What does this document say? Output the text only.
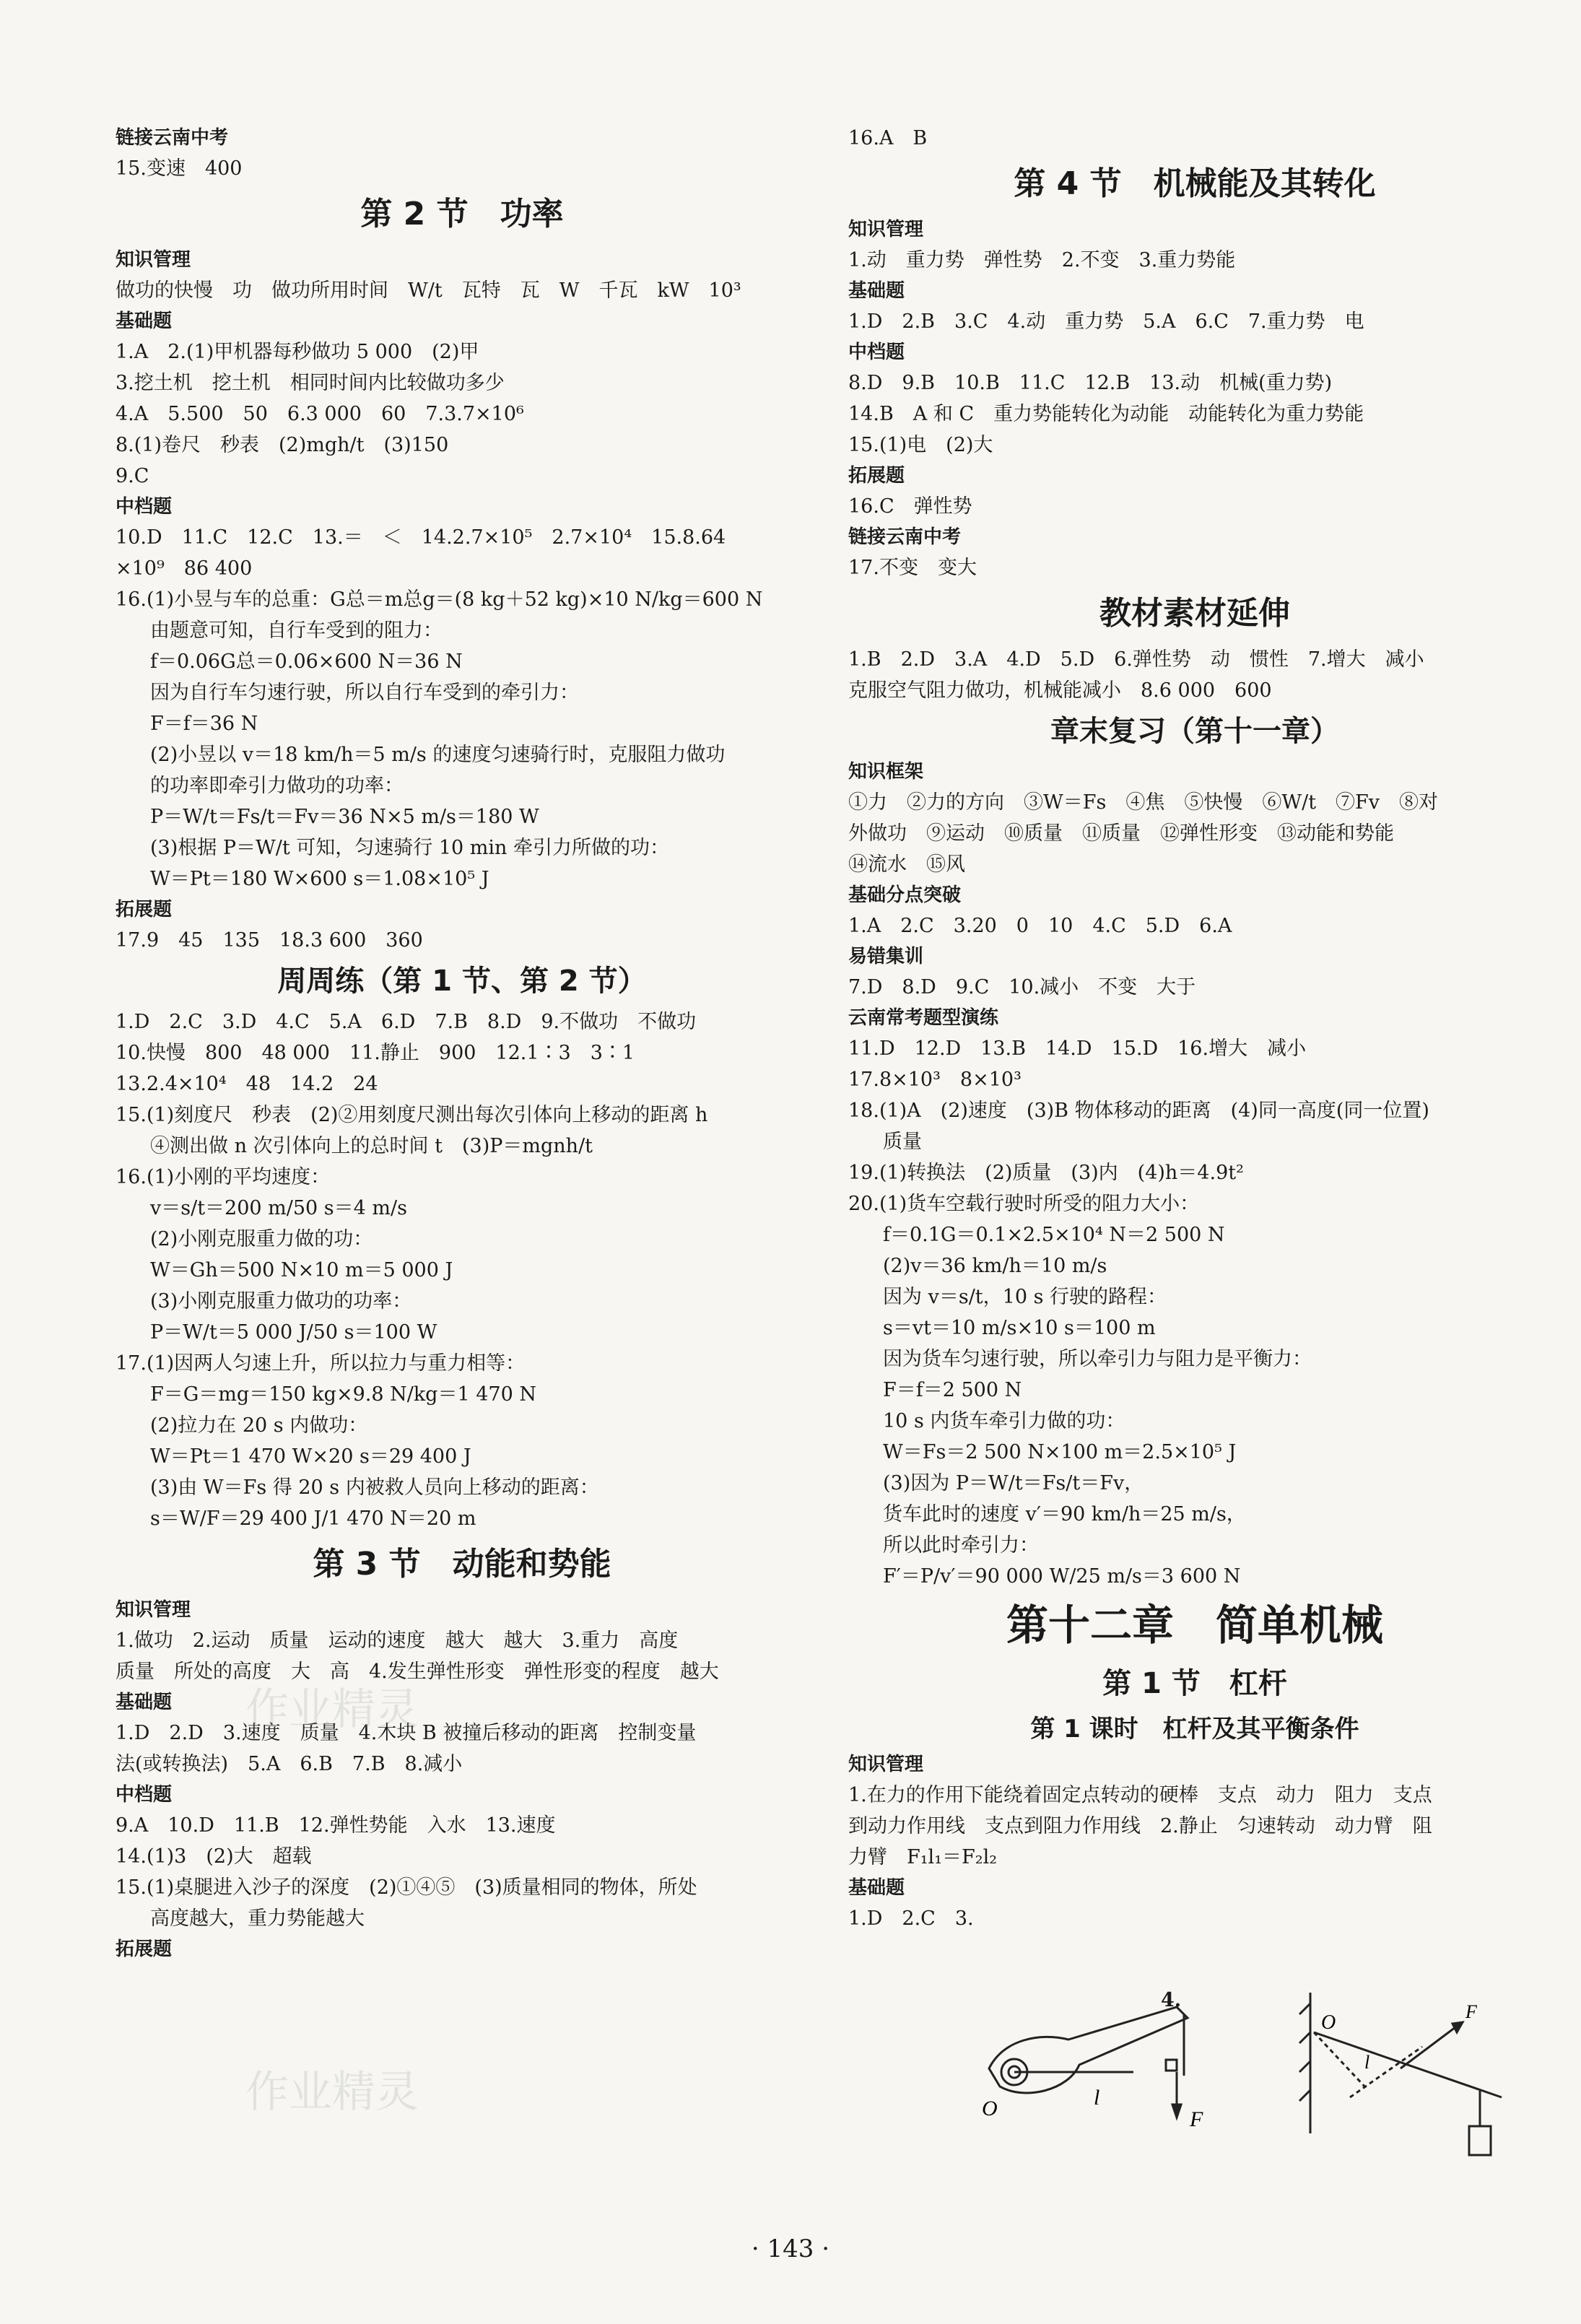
链接云南中考
15.变速　400
第 2 节　功率
知识管理
做功的快慢　功　做功所用时间　W/t　瓦特　瓦　W　千瓦　kW　10³
基础题
1.A　2.(1)甲机器每秒做功 5 000　(2)甲
3.挖土机　挖土机　相同时间内比较做功多少
4.A　5.500　50　6.3 000　60　7.3.7×10⁶
8.(1)卷尺　秒表　(2)mgh/t　(3)150
9.C
中档题
10.D　11.C　12.C　13.＝　＜　14.2.7×10⁵　2.7×10⁴　15.8.64
×10⁹　86 400
16.(1)小昱与车的总重：G总＝m总g＝(8 kg＋52 kg)×10 N/kg＝600 N
由题意可知，自行车受到的阻力：
f＝0.06G总＝0.06×600 N＝36 N
因为自行车匀速行驶，所以自行车受到的牵引力：
F＝f＝36 N
(2)小昱以 v＝18 km/h＝5 m/s 的速度匀速骑行时，克服阻力做功
的功率即牵引力做功的功率：
P＝W/t＝Fs/t＝Fv＝36 N×5 m/s＝180 W
(3)根据 P＝W/t 可知，匀速骑行 10 min 牵引力所做的功：
W＝Pt＝180 W×600 s＝1.08×10⁵ J
拓展题
17.9　45　135　18.3 600　360
周周练（第 1 节、第 2 节）
1.D　2.C　3.D　4.C　5.A　6.D　7.B　8.D　9.不做功　不做功
10.快慢　800　48 000　11.静止　900　12.1∶3　3∶1
13.2.4×10⁴　48　14.2　24
15.(1)刻度尺　秒表　(2)②用刻度尺测出每次引体向上移动的距离 h
④测出做 n 次引体向上的总时间 t　(3)P＝mgnh/t
16.(1)小刚的平均速度：
v＝s/t＝200 m/50 s＝4 m/s
(2)小刚克服重力做的功：
W＝Gh＝500 N×10 m＝5 000 J
(3)小刚克服重力做功的功率：
P＝W/t＝5 000 J/50 s＝100 W
17.(1)因两人匀速上升，所以拉力与重力相等：
F＝G＝mg＝150 kg×9.8 N/kg＝1 470 N
(2)拉力在 20 s 内做功：
W＝Pt＝1 470 W×20 s＝29 400 J
(3)由 W＝Fs 得 20 s 内被救人员向上移动的距离：
s＝W/F＝29 400 J/1 470 N＝20 m
第 3 节　动能和势能
知识管理
1.做功　2.运动　质量　运动的速度　越大　越大　3.重力　高度
质量　所处的高度　大　高　4.发生弹性形变　弹性形变的程度　越大
基础题
1.D　2.D　3.速度　质量　4.木块 B 被撞后移动的距离　控制变量
法(或转换法)　5.A　6.B　7.B　8.减小
中档题
9.A　10.D　11.B　12.弹性势能　入水　13.速度
14.(1)3　(2)大　超载
15.(1)桌腿进入沙子的深度　(2)①④⑤　(3)质量相同的物体，所处
高度越大，重力势能越大
拓展题
16.A　B
第 4 节　机械能及其转化
知识管理
1.动　重力势　弹性势　2.不变　3.重力势能
基础题
1.D　2.B　3.C　4.动　重力势　5.A　6.C　7.重力势　电
中档题
8.D　9.B　10.B　11.C　12.B　13.动　机械(重力势)
14.B　A 和 C　重力势能转化为动能　动能转化为重力势能
15.(1)电　(2)大
拓展题
16.C　弹性势
链接云南中考
17.不变　变大
教材素材延伸
1.B　2.D　3.A　4.D　5.D　6.弹性势　动　惯性　7.增大　减小
克服空气阻力做功，机械能减小　8.6 000　600
章末复习（第十一章）
知识框架
①力　②力的方向　③W＝Fs　④焦　⑤快慢　⑥W/t　⑦Fv　⑧对
外做功　⑨运动　⑩质量　⑪质量　⑫弹性形变　⑬动能和势能
⑭流水　⑮风
基础分点突破
1.A　2.C　3.20　0　10　4.C　5.D　6.A
易错集训
7.D　8.D　9.C　10.减小　不变　大于
云南常考题型演练
11.D　12.D　13.B　14.D　15.D　16.增大　减小
17.8×10³　8×10³
18.(1)A　(2)速度　(3)B 物体移动的距离　(4)同一高度(同一位置)
质量
19.(1)转换法　(2)质量　(3)内　(4)h＝4.9t²
20.(1)货车空载行驶时所受的阻力大小：
f＝0.1G＝0.1×2.5×10⁴ N＝2 500 N
(2)v＝36 km/h＝10 m/s
因为 v＝s/t，10 s 行驶的路程：
s＝vt＝10 m/s×10 s＝100 m
因为货车匀速行驶，所以牵引力与阻力是平衡力：
F＝f＝2 500 N
10 s 内货车牵引力做的功：
W＝Fs＝2 500 N×100 m＝2.5×10⁵ J
(3)因为 P＝W/t＝Fs/t＝Fv，
货车此时的速度 v′＝90 km/h＝25 m/s，
所以此时牵引力：
F′＝P/v′＝90 000 W/25 m/s＝3 600 N
第十二章　简单机械
第 1 节　杠杆
第 1 课时　杠杆及其平衡条件
知识管理
1.在力的作用下能绕着固定点转动的硬棒　支点　动力　阻力　支点
到动力作用线　支点到阻力作用线　2.静止　匀速转动　动力臂　阻
力臂　F₁l₁＝F₂l₂
基础题
1.D　2.C　3.
O	l
F
O	F
l
4.
· 143 ·
作业精灵
作业精灵
